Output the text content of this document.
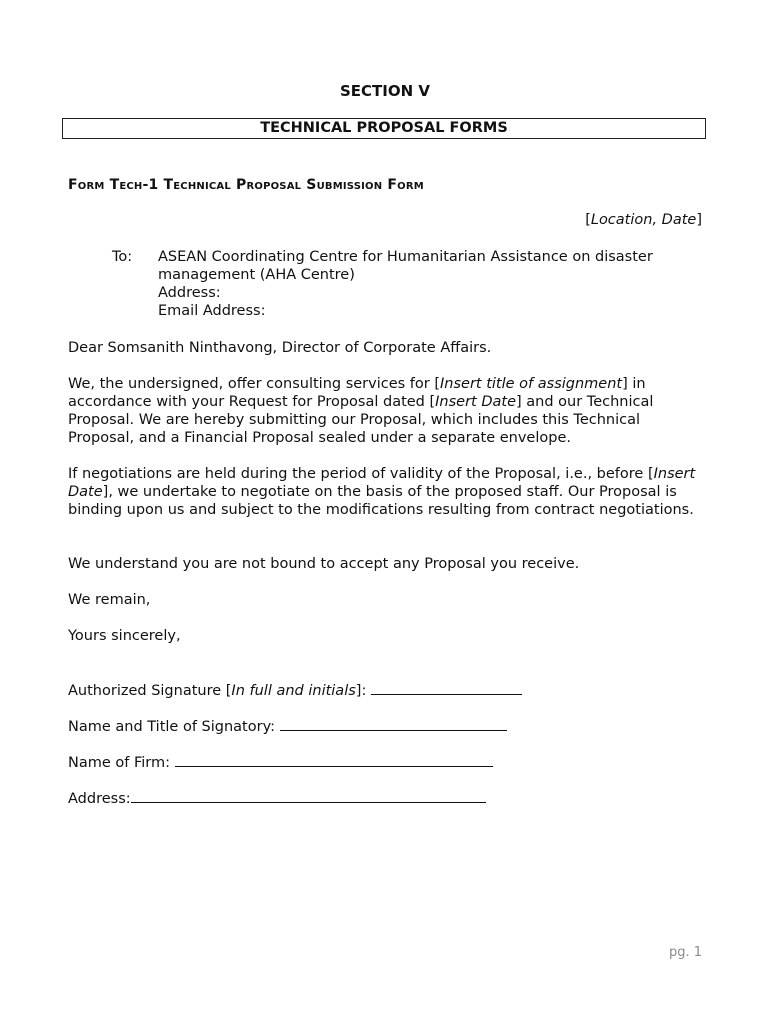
SECTION V
TECHNICAL PROPOSAL FORMS
Form Tech-1 Technical Proposal Submission Form
[Location, Date]
To: ASEAN Coordinating Centre for Humanitarian Assistance on disaster
management (AHA Centre)
Address:
Email Address:
Dear Somsanith Ninthavong, Director of Corporate Affairs.
We, the undersigned, offer consulting services for [Insert title of assignment] in accordance with your Request for Proposal dated [Insert Date] and our Technical Proposal. We are hereby submitting our Proposal, which includes this Technical Proposal, and a Financial Proposal sealed under a separate envelope.
If negotiations are held during the period of validity of the Proposal, i.e., before [Insert Date], we undertake to negotiate on the basis of the proposed staff. Our Proposal is binding upon us and subject to the modifications resulting from contract negotiations.
We understand you are not bound to accept any Proposal you receive.
We remain,
Yours sincerely,
Authorized Signature [In full and initials]:
Name and Title of Signatory:
Name of Firm:
Address:
pg. 1
